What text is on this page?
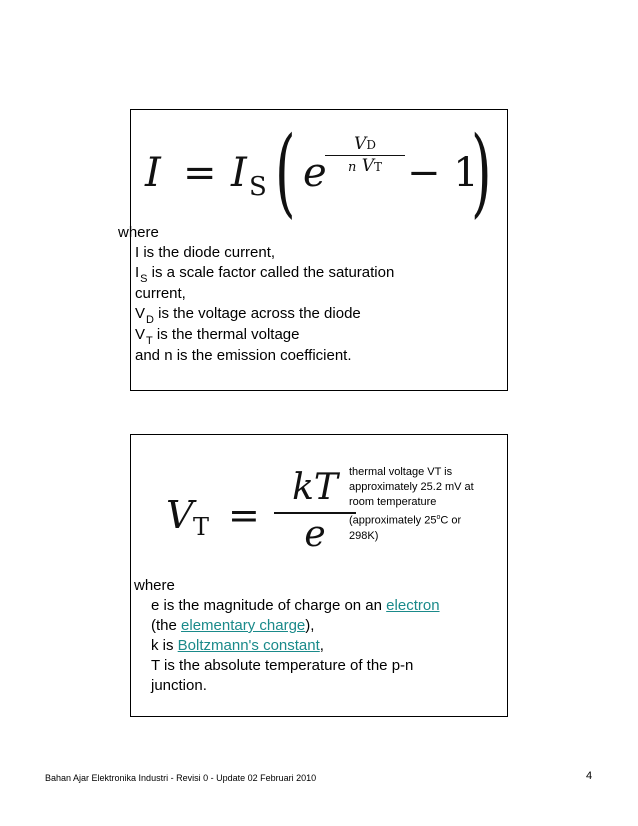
I = I S ( e
VD
n VT − 1
)
where
I is the diode current,
$I_S$ is a scale factor called the saturation
current,
$V_D$ is the voltage across the diode
$V_T$ is the thermal voltage
and n is the emission coefficient.
V $T = \frac{kT}{e}$
thermal voltage VT is
approximately 25.2 mV at
room temperature
(approximately 25$^o$C or
298K)
where
e is the magnitude of charge on an electron
(the elementary charge),
k is Boltzmann's constant,
T is the absolute temperature of the p-n
junction.
Bahan Ajar Elektronika Industri - Revisi 0 - Update 02 Februari 2010	4
